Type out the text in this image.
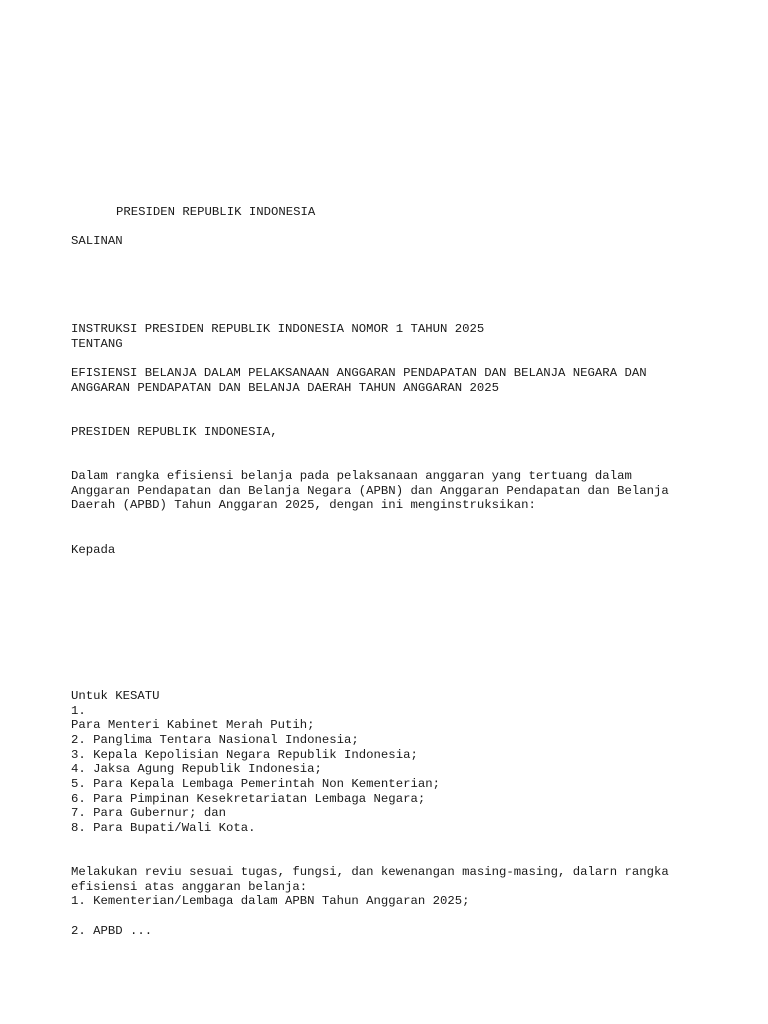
PRESIDEN REPUBLIK INDONESIA

SALINAN

INSTRUKSI PRESIDEN REPUBLIK INDONESIA NOMOR 1 TAHUN 2025

TENTANG

EFISIENSI BELANJA DALAM PELAKSANAAN ANGGARAN PENDAPATAN DAN BELANJA NEGARA DAN

ANGGARAN PENDAPATAN DAN BELANJA DAERAH TAHUN ANGGARAN 2025

PRESIDEN REPUBLIK INDONESIA,

Dalam rangka efisiensi belanja pada pelaksanaan anggaran yang tertuang dalam

Anggaran Pendapatan dan Belanja Negara (APBN) dan Anggaran Pendapatan dan Belanja

Daerah (APBD) Tahun Anggaran 2025, dengan ini menginstruksikan:

Kepada

Untuk KESATU

1.

Para Menteri Kabinet Merah Putih;

2. Panglima Tentara Nasional Indonesia;

3. Kepala Kepolisian Negara Republik Indonesia;

4. Jaksa Agung Republik Indonesia;

5. Para Kepala Lembaga Pemerintah Non Kementerian;

6. Para Pimpinan Kesekretariatan Lembaga Negara;

7. Para Gubernur; dan

8. Para Bupati/Wali Kota.

Melakukan reviu sesuai tugas, fungsi, dan kewenangan masing-masing, dalarn rangka

efisiensi atas anggaran belanja:

1. Kementerian/Lembaga dalam APBN Tahun Anggaran 2025;

2. APBD ...
